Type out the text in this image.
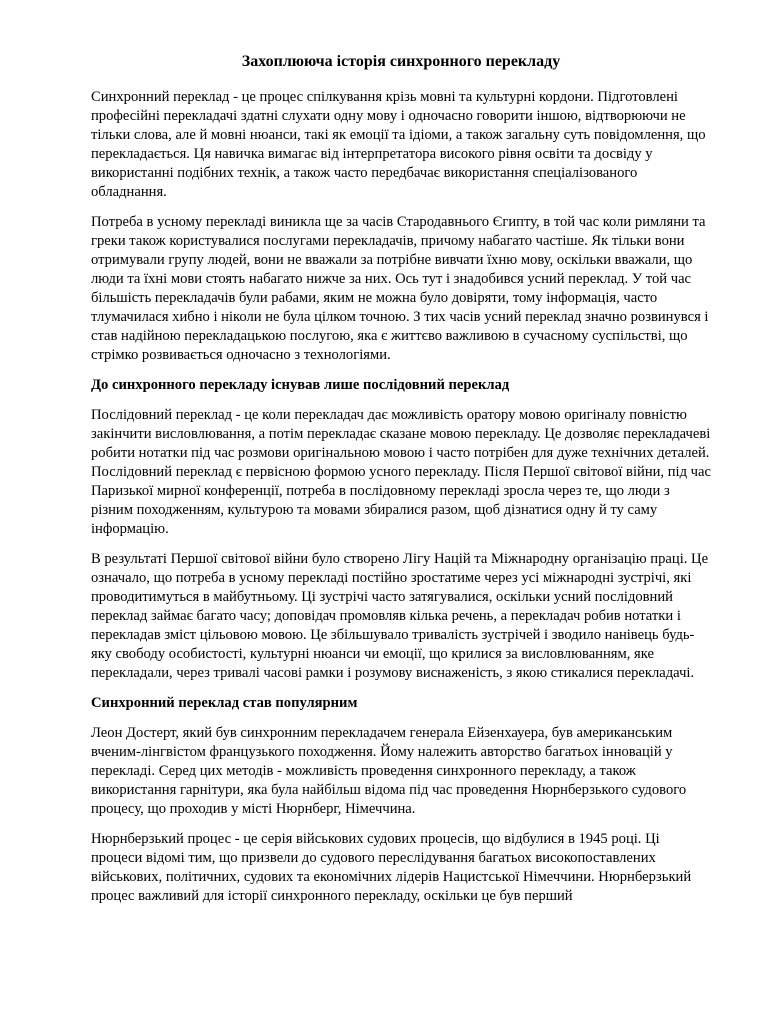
Захоплююча історія синхронного перекладу

Синхронний переклад - це процес спілкування крізь мовні та культурні кордони. Підготовлені професійні перекладачі здатні слухати одну мову і одночасно говорити іншою, відтворюючи не тільки слова, але й мовні нюанси, такі як емоції та ідіоми, а також загальну суть повідомлення, що перекладається. Ця навичка вимагає від інтерпретатора високого рівня освіти та досвіду у використанні подібних технік, а також часто передбачає використання спеціалізованого обладнання.

Потреба в усному перекладі виникла ще за часів Стародавнього Єгипту, в той час коли римляни та греки також користувалися послугами перекладачів, причому набагато частіше. Як тільки вони отримували групу людей, вони не вважали за потрібне вивчати їхню мову, оскільки вважали, що люди та їхні мови стоять набагато нижче за них. Ось тут і знадобився усний переклад. У той час більшість перекладачів були рабами, яким не можна було довіряти, тому інформація, часто тлумачилася хибно і ніколи не була цілком точною. З тих часів усний переклад значно розвинувся і став надійною перекладацькою послугою, яка є життєво важливою в сучасному суспільстві, що стрімко розвивається одночасно з технологіями.

До синхронного перекладу існував лише послідовний переклад

Послідовний переклад - це коли перекладач дає можливість оратору мовою оригіналу повністю закінчити висловлювання, а потім перекладає сказане мовою перекладу. Це дозволяє перекладачеві робити нотатки під час розмови оригінальною мовою і часто потрібен для дуже технічних деталей. Послідовний переклад є первісною формою усного перекладу. Після Першої світової війни, під час Паризької мирної конференції, потреба в послідовному перекладі зросла через те, що люди з різним походженням, культурою та мовами збиралися разом, щоб дізнатися одну й ту саму інформацію.

В результаті Першої світової війни було створено Лігу Націй та Міжнародну організацію праці. Це означало, що потреба в усному перекладі постійно зростатиме через усі міжнародні зустрічі, які проводитимуться в майбутньому. Ці зустрічі часто затягувалися, оскільки усний послідовний переклад займає багато часу; доповідач промовляв кілька речень, а перекладач робив нотатки і перекладав зміст цільовою мовою. Це збільшувало тривалість зустрічей і зводило нанівець будь-яку свободу особистості, культурні нюанси чи емоції, що крилися за висловлюванням, яке перекладали, через тривалі часові рамки і розумову виснаженість, з якою стикалися перекладачі.

Синхронний переклад став популярним

Леон Достерт, який був синхронним перекладачем генерала Ейзенхауера, був американським вченим-лінгвістом французького походження. Йому належить авторство багатьох інновацій у перекладі. Серед цих методів - можливість проведення синхронного перекладу, а також використання гарнітури, яка була найбільш відома під час проведення Нюрнберзького судового процесу, що проходив у місті Нюрнберг, Німеччина.

Нюрнберзький процес - це серія військових судових процесів, що відбулися в 1945 році. Ці процеси відомі тим, що призвели до судового переслідування багатьох високопоставлених військових, політичних, судових та економічних лідерів Нацистської Німеччини. Нюрнберзький процес важливий для історії синхронного перекладу, оскільки це був перший
